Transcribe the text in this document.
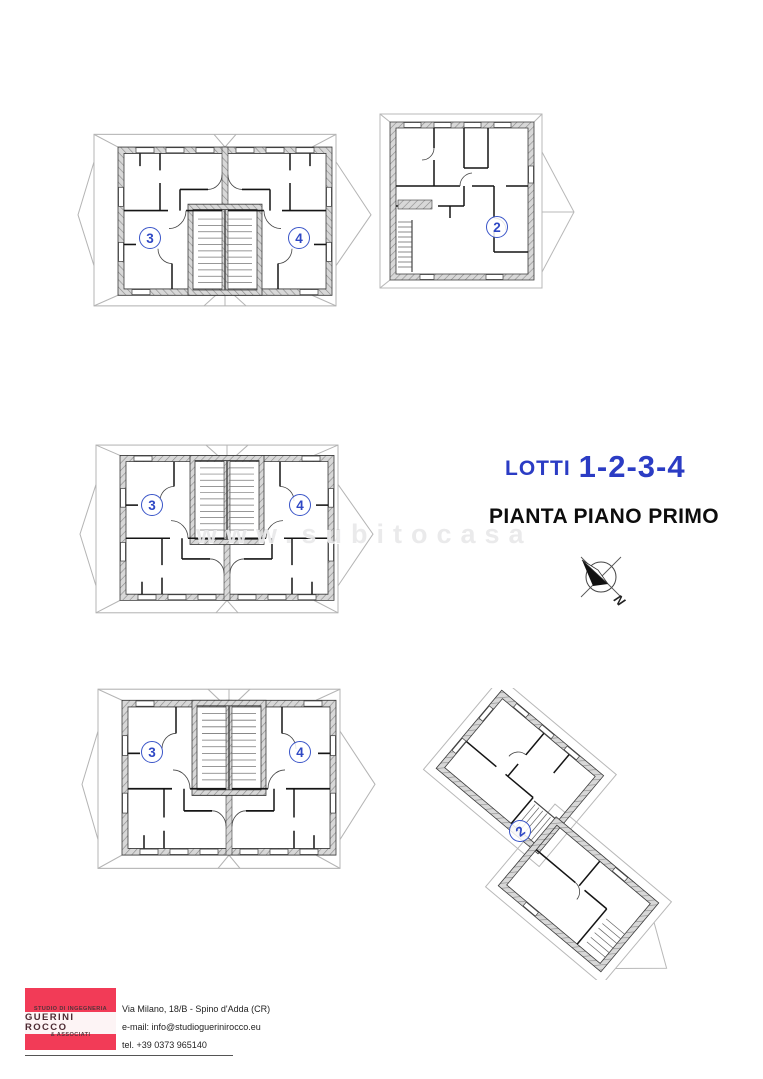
3	4
2
3	4
3	4
2
LOTTI 1-2-3-4
PIANTA PIANO PRIMO
www.subitocasa
N
STUDIO DI INGEGNERIA
GUERINI ROCCO
& ASSOCIATI
Via Milano, 18/B - Spino d'Adda (CR)
e-mail: info@studioguerinirocco.eu
tel. +39 0373 965140
